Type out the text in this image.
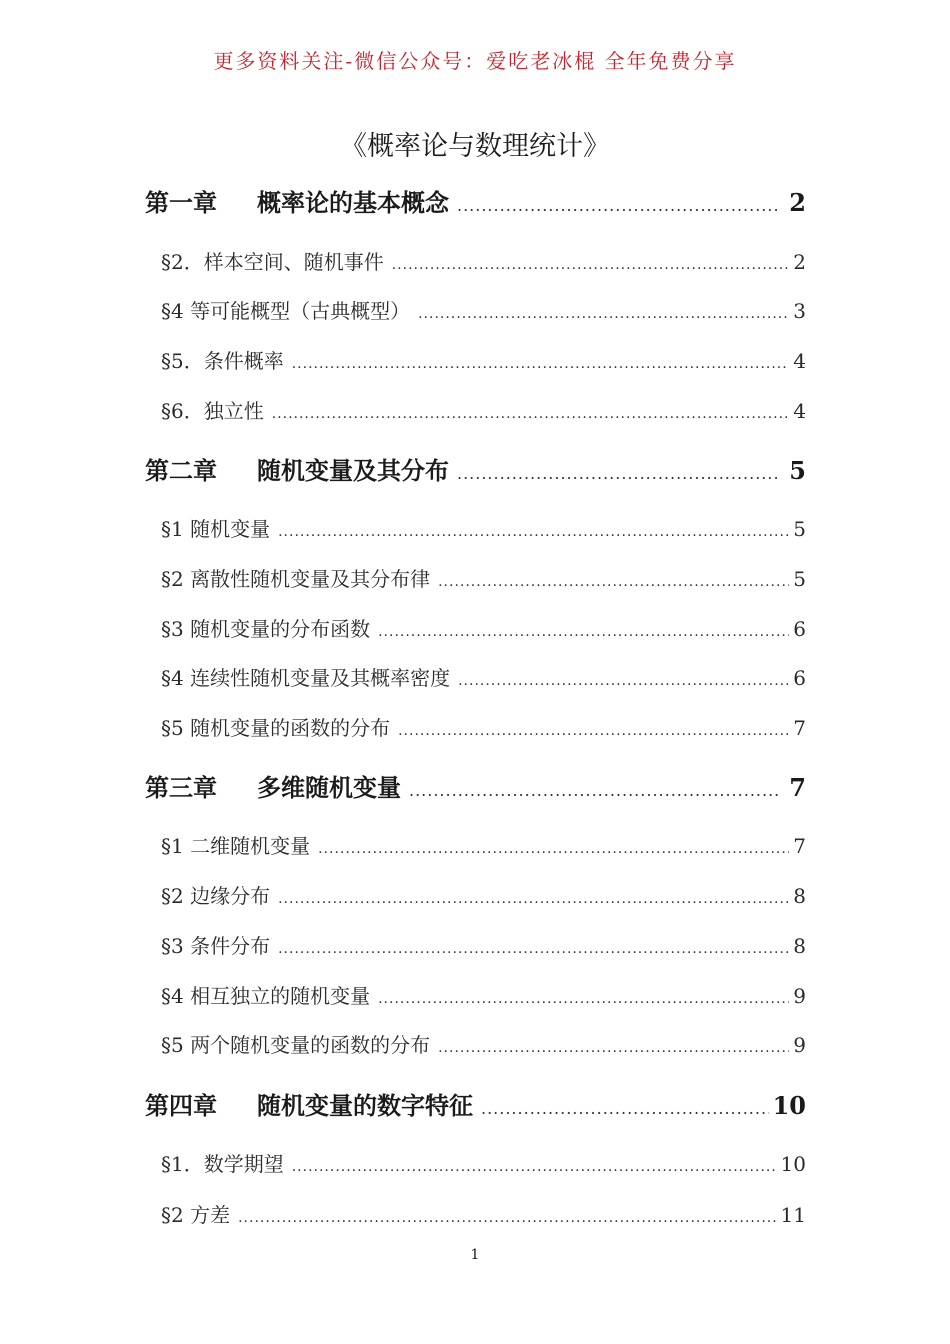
更多资料关注-微信公众号：爱吃老冰棍 全年免费分享
《概率论与数理统计》
第一章	概率论的基本概念 .....	2
§2．样本空间、随机事件 .....	2
§4 等可能概型（古典概型） .....	3
§5．条件概率 .....	4
§6．独立性 .....	4
第二章	随机变量及其分布 .....	5
§1 随机变量 .....	5
§2 离散性随机变量及其分布律 .....	5
§3 随机变量的分布函数 .....	6
§4 连续性随机变量及其概率密度 .....	6
§5 随机变量的函数的分布 .....	7
第三章	多维随机变量 .....	7
§1 二维随机变量 .....	7
§2 边缘分布 .....	8
§3 条件分布 .....	8
§4 相互独立的随机变量 .....	9
§5 两个随机变量的函数的分布 .....	9
第四章	随机变量的数字特征 .....	10
§1．数学期望 .....	10
§2 方差 .....	11
1
